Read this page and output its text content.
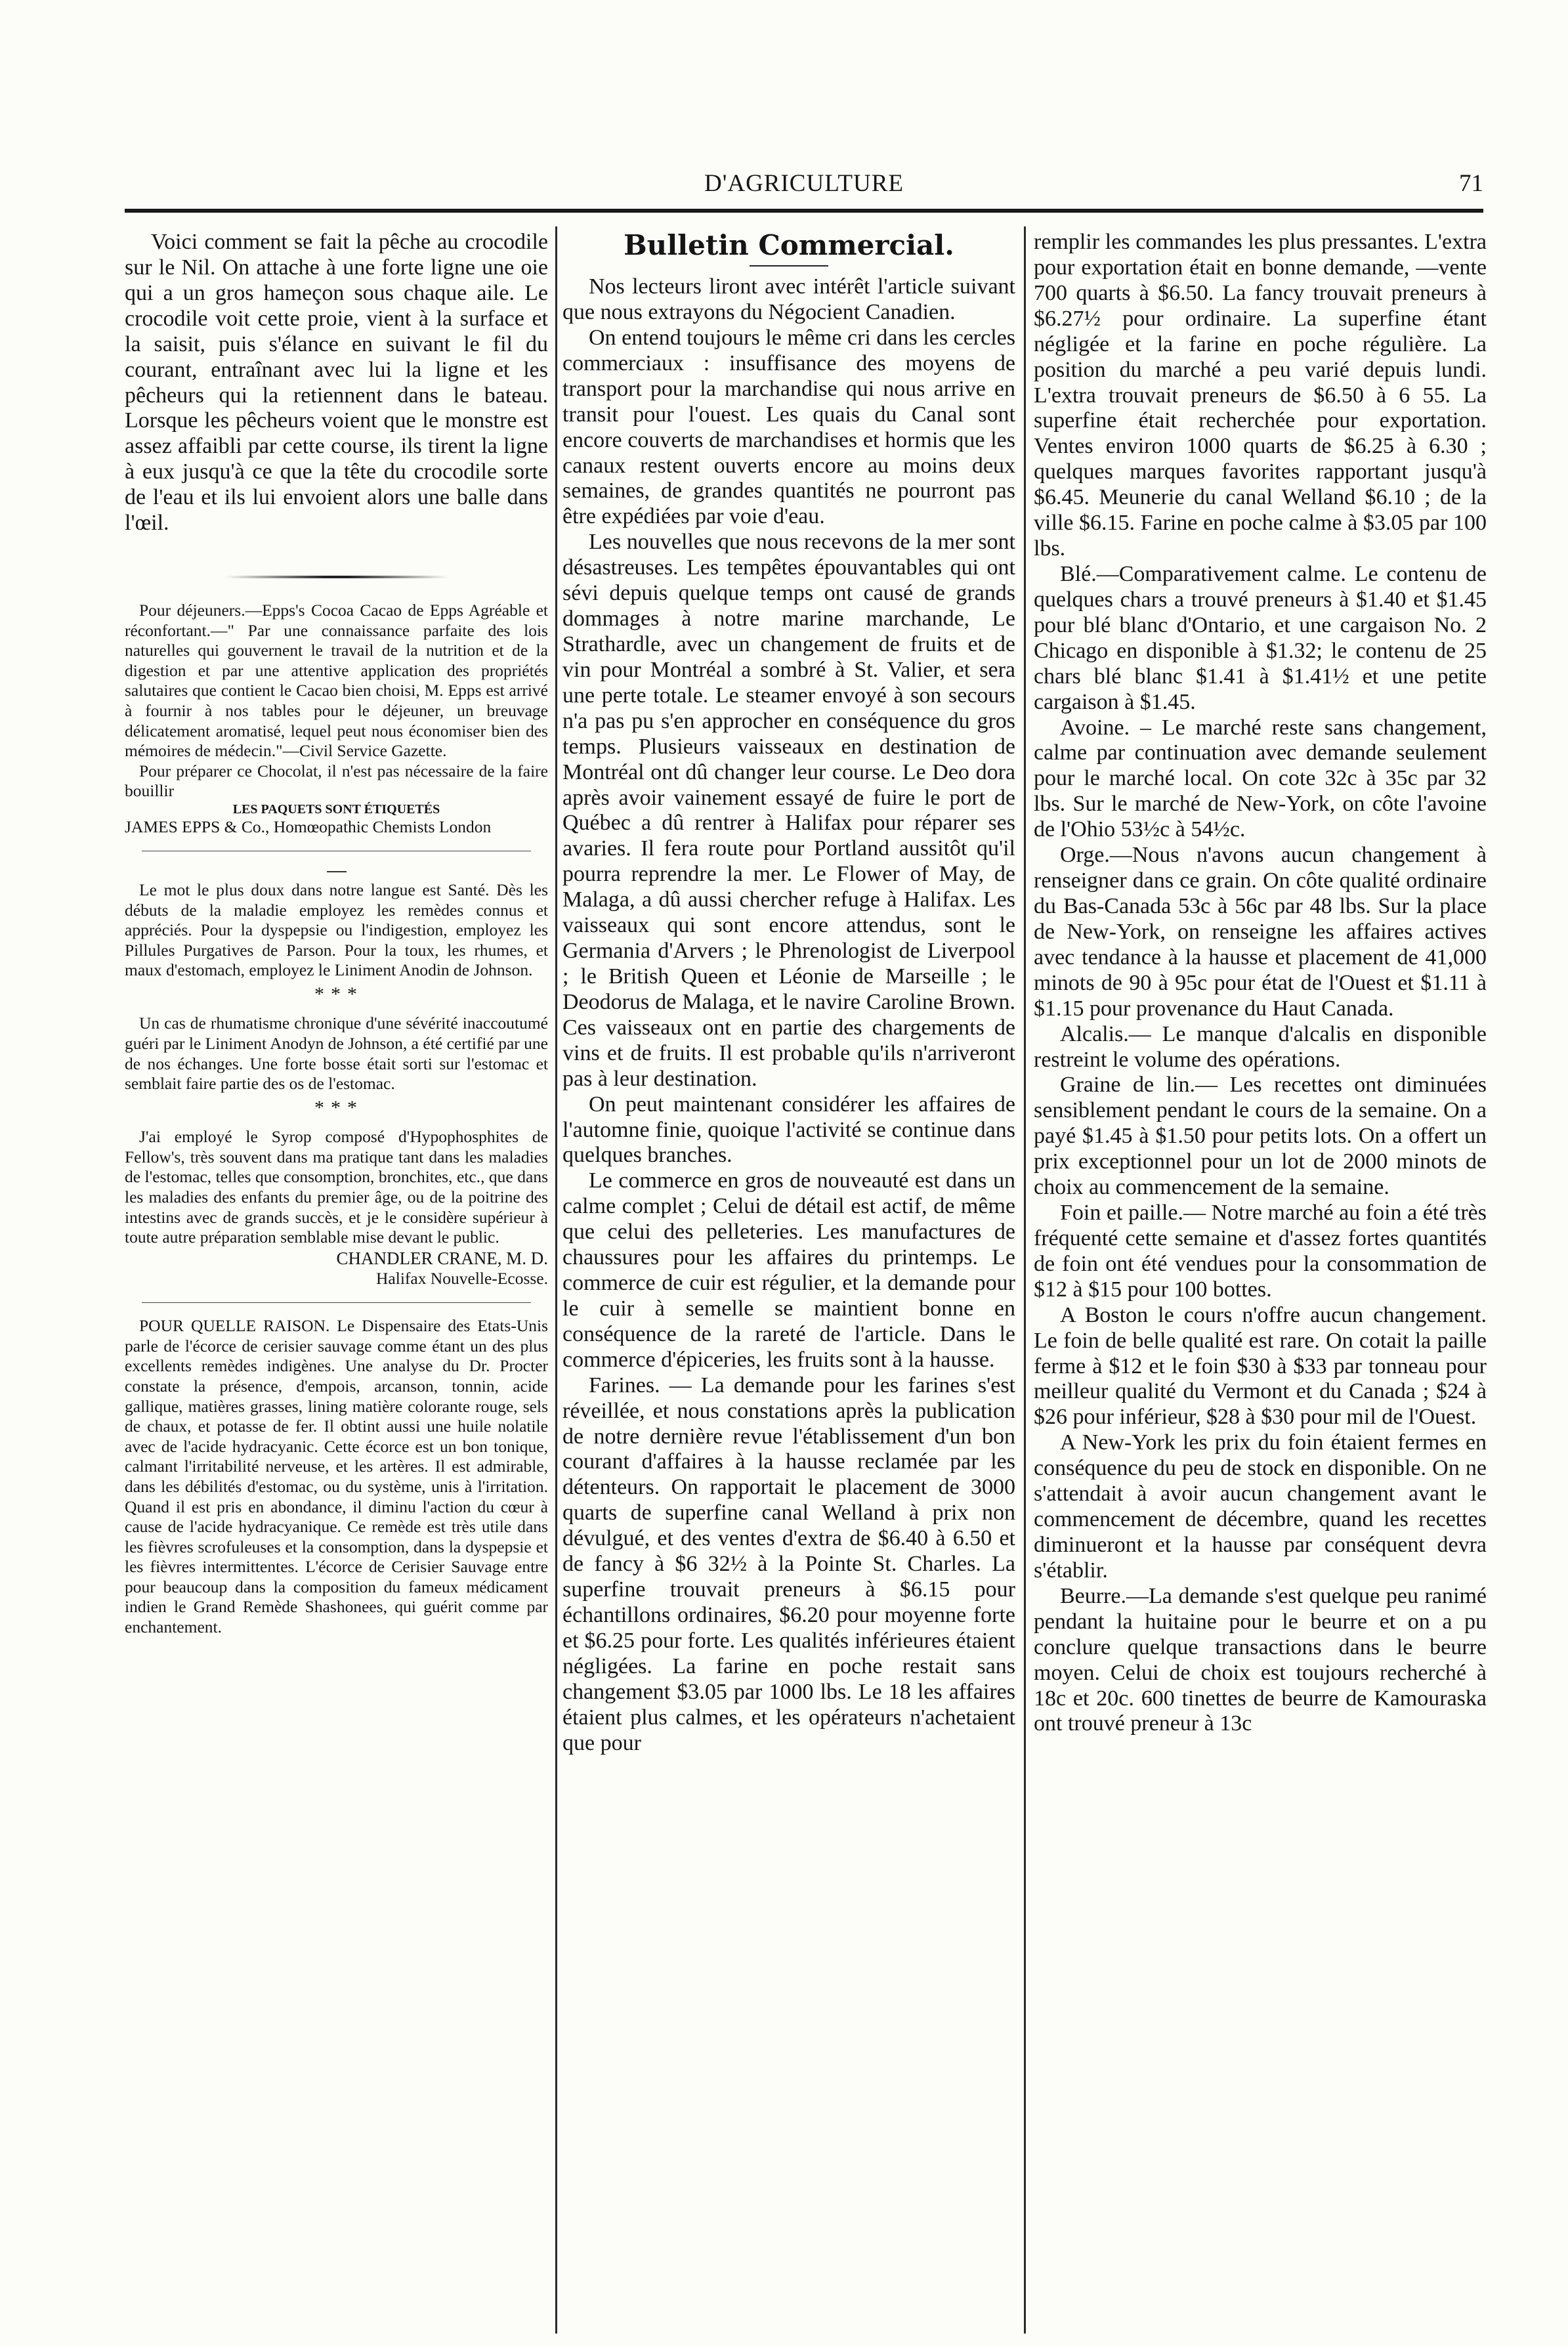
D'AGRICULTURE	71

Voici comment se fait la pêche au crocodile sur le Nil. On attache à une forte ligne une oie qui a un gros hameçon sous chaque aile. Le crocodile voit cette proie, vient à la surface et la saisit, puis s'élance en suivant le fil du courant, entraînant avec lui la ligne et les pêcheurs qui la retiennent dans le bateau. Lorsque les pêcheurs voient que le monstre est assez affaibli par cette course, ils tirent la ligne à eux jusqu'à ce que la tête du crocodile sorte de l'eau et ils lui envoient alors une balle dans l'œil.

Pour déjeuners.—Epps's Cocoa Cacao de Epps Agréable et réconfortant.—" Par une connaissance parfaite des lois naturelles qui gouvernent le travail de la nutrition et de la digestion et par une attentive application des propriétés salutaires que contient le Cacao bien choisi, M. Epps est arrivé à fournir à nos tables pour le déjeuner, un breuvage délicatement aromatisé, lequel peut nous économiser bien des mémoires de médecin."—Civil Service Gazette.

Pour préparer ce Chocolat, il n'est pas nécessaire de la faire bouillir

LES PAQUETS SONT ÉTIQUETÉS

JAMES EPPS & Co., Homœopathic Chemists London

Le mot le plus doux dans notre langue est Santé. Dès les débuts de la maladie employez les remèdes connus et appréciés. Pour la dyspepsie ou l'indigestion, employez les Pillules Purgatives de Parson. Pour la toux, les rhumes, et maux d'estomach, employez le Liniment Anodin de Johnson.

* * *

Un cas de rhumatisme chronique d'une sévérité inaccoutumé guéri par le Liniment Anodyn de Johnson, a été certifié par une de nos échanges. Une forte bosse était sorti sur l'estomac et semblait faire partie des os de l'estomac.

* * *

J'ai employé le Syrop composé d'Hypophosphites de Fellow's, très souvent dans ma pratique tant dans les maladies de l'estomac, telles que consomption, bronchites, etc., que dans les maladies des enfants du premier âge, ou de la poitrine des intestins avec de grands succès, et je le considère supérieur à toute autre préparation semblable mise devant le public.

CHANDLER CRANE, M. D.

Halifax Nouvelle-Ecosse.

POUR QUELLE RAISON. Le Dispensaire des Etats-Unis parle de l'écorce de cerisier sauvage comme étant un des plus excellents remèdes indigènes. Une analyse du Dr. Procter constate la présence, d'empois, arcanson, tonnin, acide gallique, matières grasses, lining matière colorante rouge, sels de chaux, et potasse de fer. Il obtint aussi une huile nolatile avec de l'acide hydracyanic. Cette écorce est un bon tonique, calmant l'irritabilité nerveuse, et les artères. Il est admirable, dans les débilités d'estomac, ou du système, unis à l'irritation. Quand il est pris en abondance, il diminu l'action du cœur à cause de l'acide hydracyanique. Ce remède est très utile dans les fièvres scrofuleuses et la consomption, dans la dyspepsie et les fièvres intermittentes. L'écorce de Cerisier Sauvage entre pour beaucoup dans la composition du fameux médicament indien le Grand Remède Shashonees, qui guérit comme par enchantement.

Bulletin Commercial.

Nos lecteurs liront avec intérêt l'article suivant que nous extrayons du Négocient Canadien.

On entend toujours le même cri dans les cercles commerciaux : insuffisance des moyens de transport pour la marchandise qui nous arrive en transit pour l'ouest. Les quais du Canal sont encore couverts de marchandises et hormis que les canaux restent ouverts encore au moins deux semaines, de grandes quantités ne pourront pas être expédiées par voie d'eau.

Les nouvelles que nous recevons de la mer sont désastreuses. Les tempêtes épouvantables qui ont sévi depuis quelque temps ont causé de grands dommages à notre marine marchande, Le Strathardle, avec un changement de fruits et de vin pour Montréal a sombré à St. Valier, et sera une perte totale. Le steamer envoyé à son secours n'a pas pu s'en approcher en conséquence du gros temps. Plusieurs vaisseaux en destination de Montréal ont dû changer leur course. Le Deo dora après avoir vainement essayé de fuire le port de Québec a dû rentrer à Halifax pour réparer ses avaries. Il fera route pour Portland aussitôt qu'il pourra reprendre la mer. Le Flower of May, de Malaga, a dû aussi chercher refuge à Halifax. Les vaisseaux qui sont encore attendus, sont le Germania d'Arvers ; le Phrenologist de Liverpool ; le British Queen et Léonie de Marseille ; le Deodorus de Malaga, et le navire Caroline Brown. Ces vaisseaux ont en partie des chargements de vins et de fruits. Il est probable qu'ils n'arriveront pas à leur destination.

On peut maintenant considérer les affaires de l'automne finie, quoique l'activité se continue dans quelques branches.

Le commerce en gros de nouveauté est dans un calme complet ; Celui de détail est actif, de même que celui des pelleteries. Les manufactures de chaussures pour les affaires du printemps. Le commerce de cuir est régulier, et la demande pour le cuir à semelle se maintient bonne en conséquence de la rareté de l'article. Dans le commerce d'épiceries, les fruits sont à la hausse.

Farines. — La demande pour les farines s'est réveillée, et nous constations après la publication de notre dernière revue l'établissement d'un bon courant d'affaires à la hausse reclamée par les détenteurs. On rapportait le placement de 3000 quarts de superfine canal Welland à prix non dévulgué, et des ventes d'extra de $6.40 à 6.50 et de fancy à $6 32½ à la Pointe St. Charles. La superfine trouvait preneurs à $6.15 pour échantillons ordinaires, $6.20 pour moyenne forte et $6.25 pour forte. Les qualités inférieures étaient négligées. La farine en poche restait sans changement $3.05 par 1000 lbs. Le 18 les affaires étaient plus calmes, et les opérateurs n'achetaient que pour

remplir les commandes les plus pressantes. L'extra pour exportation était en bonne demande, —vente 700 quarts à $6.50. La fancy trouvait preneurs à $6.27½ pour ordinaire. La superfine étant négligée et la farine en poche régulière. La position du marché a peu varié depuis lundi. L'extra trouvait preneurs de $6.50 à 6 55. La superfine était recherchée pour exportation. Ventes environ 1000 quarts de $6.25 à 6.30 ; quelques marques favorites rapportant jusqu'à $6.45. Meunerie du canal Welland $6.10 ; de la ville $6.15. Farine en poche calme à $3.05 par 100 lbs.

Blé.—Comparativement calme. Le contenu de quelques chars a trouvé preneurs à $1.40 et $1.45 pour blé blanc d'Ontario, et une cargaison No. 2 Chicago en disponible à $1.32; le contenu de 25 chars blé blanc $1.41 à $1.41½ et une petite cargaison à $1.45.

Avoine. – Le marché reste sans changement, calme par continuation avec demande seulement pour le marché local. On cote 32c à 35c par 32 lbs. Sur le marché de New-York, on côte l'avoine de l'Ohio 53½c à 54½c.

Orge.—Nous n'avons aucun changement à renseigner dans ce grain. On côte qualité ordinaire du Bas-Canada 53c à 56c par 48 lbs. Sur la place de New-York, on renseigne les affaires actives avec tendance à la hausse et placement de 41,000 minots de 90 à 95c pour état de l'Ouest et $1.11 à $1.15 pour provenance du Haut Canada.

Alcalis.— Le manque d'alcalis en disponible restreint le volume des opérations.

Graine de lin.— Les recettes ont diminuées sensiblement pendant le cours de la semaine. On a payé $1.45 à $1.50 pour petits lots. On a offert un prix exceptionnel pour un lot de 2000 minots de choix au commencement de la semaine.

Foin et paille.— Notre marché au foin a été très fréquenté cette semaine et d'assez fortes quantités de foin ont été vendues pour la consommation de $12 à $15 pour 100 bottes.

A Boston le cours n'offre aucun changement. Le foin de belle qualité est rare. On cotait la paille ferme à $12 et le foin $30 à $33 par tonneau pour meilleur qualité du Vermont et du Canada ; $24 à $26 pour inférieur, $28 à $30 pour mil de l'Ouest.

A New-York les prix du foin étaient fermes en conséquence du peu de stock en disponible. On ne s'attendait à avoir aucun changement avant le commencement de décembre, quand les recettes diminueront et la hausse par conséquent devra s'établir.

Beurre.—La demande s'est quelque peu ranimé pendant la huitaine pour le beurre et on a pu conclure quelque transactions dans le beurre moyen. Celui de choix est toujours recherché à 18c et 20c. 600 tinettes de beurre de Kamouraska ont trouvé preneur à 13c
